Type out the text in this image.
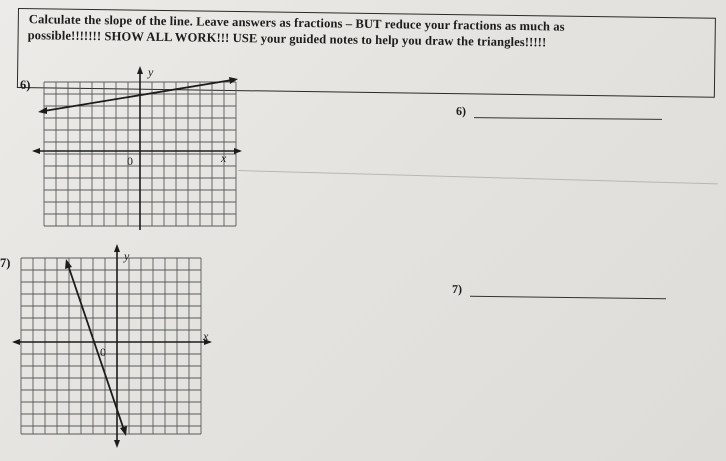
Calculate the slope of the line. Leave answers as fractions – BUT reduce your fractions as much as
possible!!!!!!! SHOW ALL WORK!!! USE your guided notes to help you draw the triangles!!!!!
6)
7)
y
x
0
y
x
0
6)
7)
